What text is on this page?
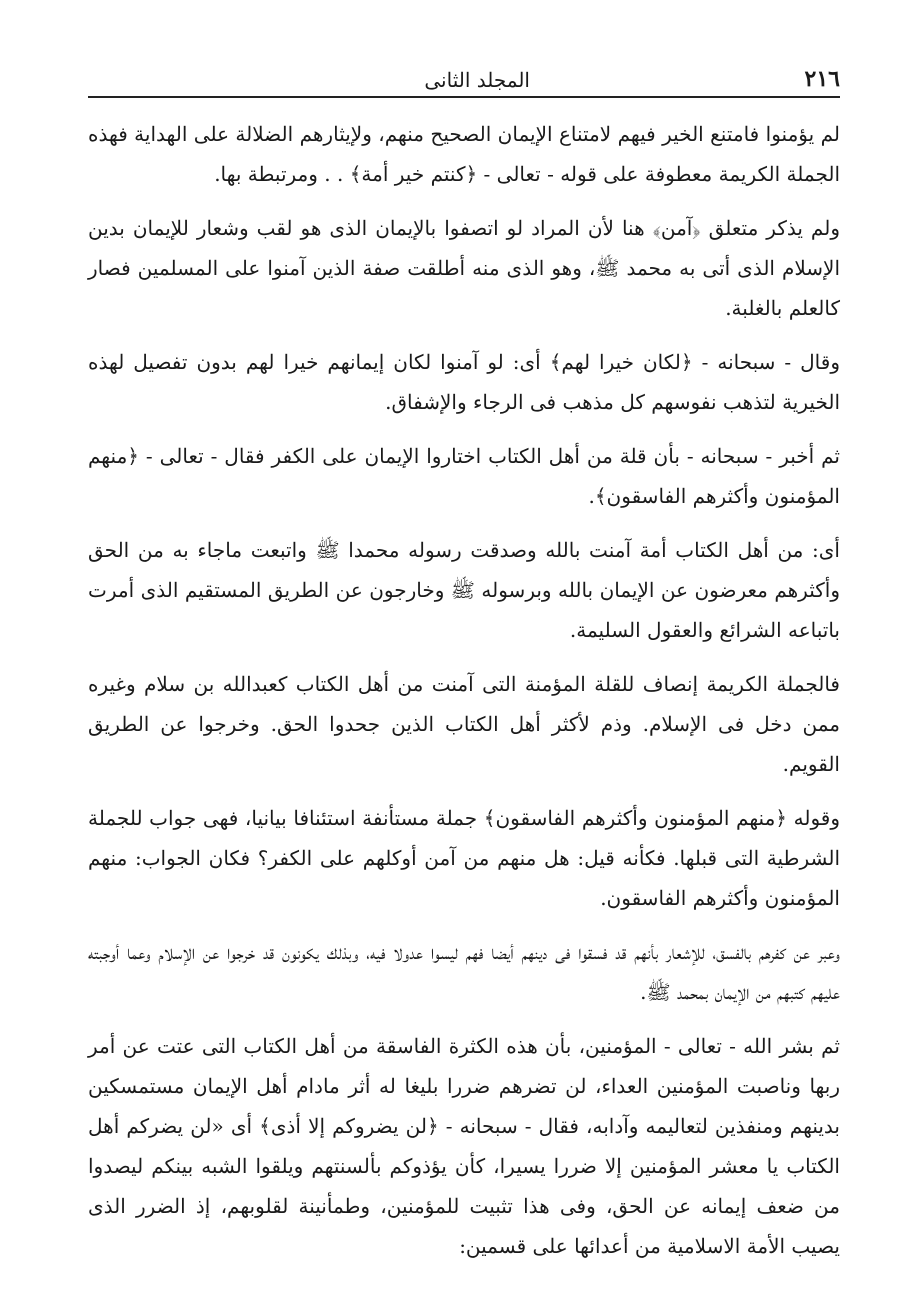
٢١٦
المجلد الثانى

لم يؤمنوا فامتنع الخير فيهم لامتناع الإيمان الصحيح منهم، ولإيثارهم الضلالة على الهداية فهذه الجملة الكريمة معطوفة على قوله - تعالى - ﴿كنتم خير أمة﴾ . . ومرتبطة بها.

ولم يذكر متعلق ﴿آمن﴾ هنا لأن المراد لو اتصفوا بالإيمان الذى هو لقب وشعار للإيمان بدين الإسلام الذى أتى به محمد ﷺ، وهو الذى منه أطلقت صفة الذين آمنوا على المسلمين فصار كالعلم بالغلبة.

وقال - سبحانه - ﴿لكان خيرا لهم﴾ أى: لو آمنوا لكان إيمانهم خيرا لهم بدون تفصيل لهذه الخيرية لتذهب نفوسهم كل مذهب فى الرجاء والإشفاق.

ثم أخبر - سبحانه - بأن قلة من أهل الكتاب اختاروا الإيمان على الكفر فقال - تعالى - ﴿منهم المؤمنون وأكثرهم الفاسقون﴾.

أى: من أهل الكتاب أمة آمنت بالله وصدقت رسوله محمدا ﷺ واتبعت ماجاء به من الحق وأكثرهم معرضون عن الإيمان بالله وبرسوله ﷺ وخارجون عن الطريق المستقيم الذى أمرت باتباعه الشرائع والعقول السليمة.

فالجملة الكريمة إنصاف للقلة المؤمنة التى آمنت من أهل الكتاب كعبدالله بن سلام وغيره ممن دخل فى الإسلام. وذم لأكثر أهل الكتاب الذين جحدوا الحق. وخرجوا عن الطريق القويم.

وقوله ﴿منهم المؤمنون وأكثرهم الفاسقون﴾ جملة مستأنفة استئنافا بيانيا، فهى جواب للجملة الشرطية التى قبلها. فكأنه قيل: هل منهم من آمن أوكلهم على الكفر؟ فكان الجواب: منهم المؤمنون وأكثرهم الفاسقون.

وعبر عن كفرهم بالفسق، للإشعار بأنهم قد فسقوا فى دينهم أيضا فهم ليسوا عدولا فيه، وبذلك يكونون قد خرجوا عن الإسلام وعما أوجبته عليهم كتبهم من الإيمان بمحمد ﷺ.

ثم بشر الله - تعالى - المؤمنين، بأن هذه الكثرة الفاسقة من أهل الكتاب التى عتت عن أمر ربها وناصبت المؤمنين العداء، لن تضرهم ضررا بليغا له أثر مادام أهل الإيمان مستمسكين بدينهم ومنفذين لتعاليمه وآدابه، فقال - سبحانه - ﴿لن يضروكم إلا أذى﴾ أى «لن يضركم أهل الكتاب يا معشر المؤمنين إلا ضررا يسيرا، كأن يؤذوكم بألسنتهم ويلقوا الشبه بينكم ليصدوا من ضعف إيمانه عن الحق، وفى هذا تثبيت للمؤمنين، وطمأنينة لقلوبهم، إذ الضرر الذى يصيب الأمة الاسلامية من أعدائها على قسمين:
